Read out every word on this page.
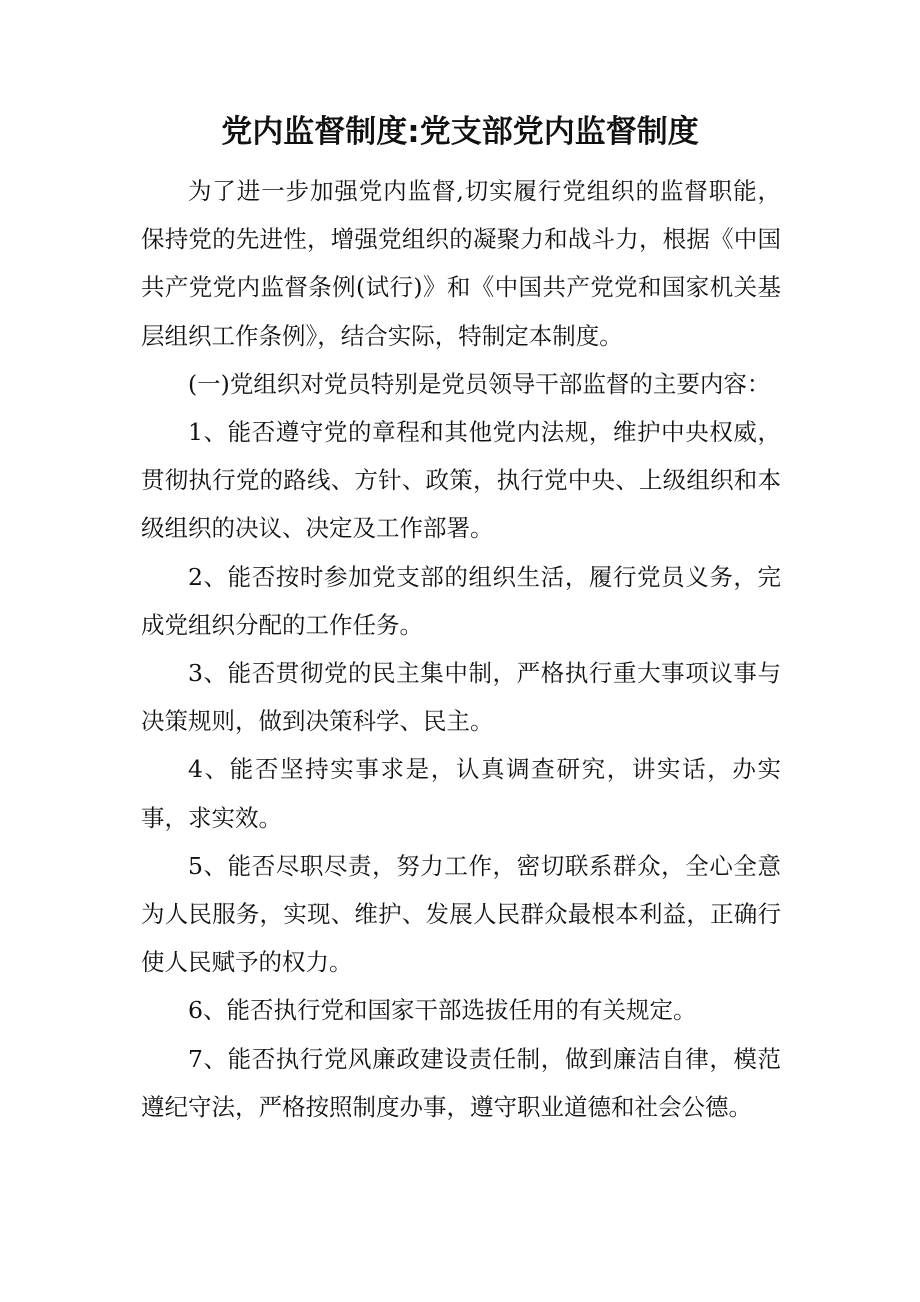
党内监督制度:党支部党内监督制度

为了进一步加强党内监督,切实履行党组织的监督职能，保持党的先进性，增强党组织的凝聚力和战斗力，根据《中国共产党党内监督条例(试行)》和《中国共产党党和国家机关基层组织工作条例》，结合实际，特制定本制度。

(一)党组织对党员特别是党员领导干部监督的主要内容：

1、能否遵守党的章程和其他党内法规，维护中央权威，贯彻执行党的路线、方针、政策，执行党中央、上级组织和本级组织的决议、决定及工作部署。

2、能否按时参加党支部的组织生活，履行党员义务，完成党组织分配的工作任务。

3、能否贯彻党的民主集中制，严格执行重大事项议事与决策规则，做到决策科学、民主。

4、能否坚持实事求是，认真调查研究，讲实话，办实事，求实效。

5、能否尽职尽责，努力工作，密切联系群众，全心全意为人民服务，实现、维护、发展人民群众最根本利益，正确行使人民赋予的权力。

6、能否执行党和国家干部选拔任用的有关规定。

7、能否执行党风廉政建设责任制，做到廉洁自律，模范遵纪守法，严格按照制度办事，遵守职业道德和社会公德。
